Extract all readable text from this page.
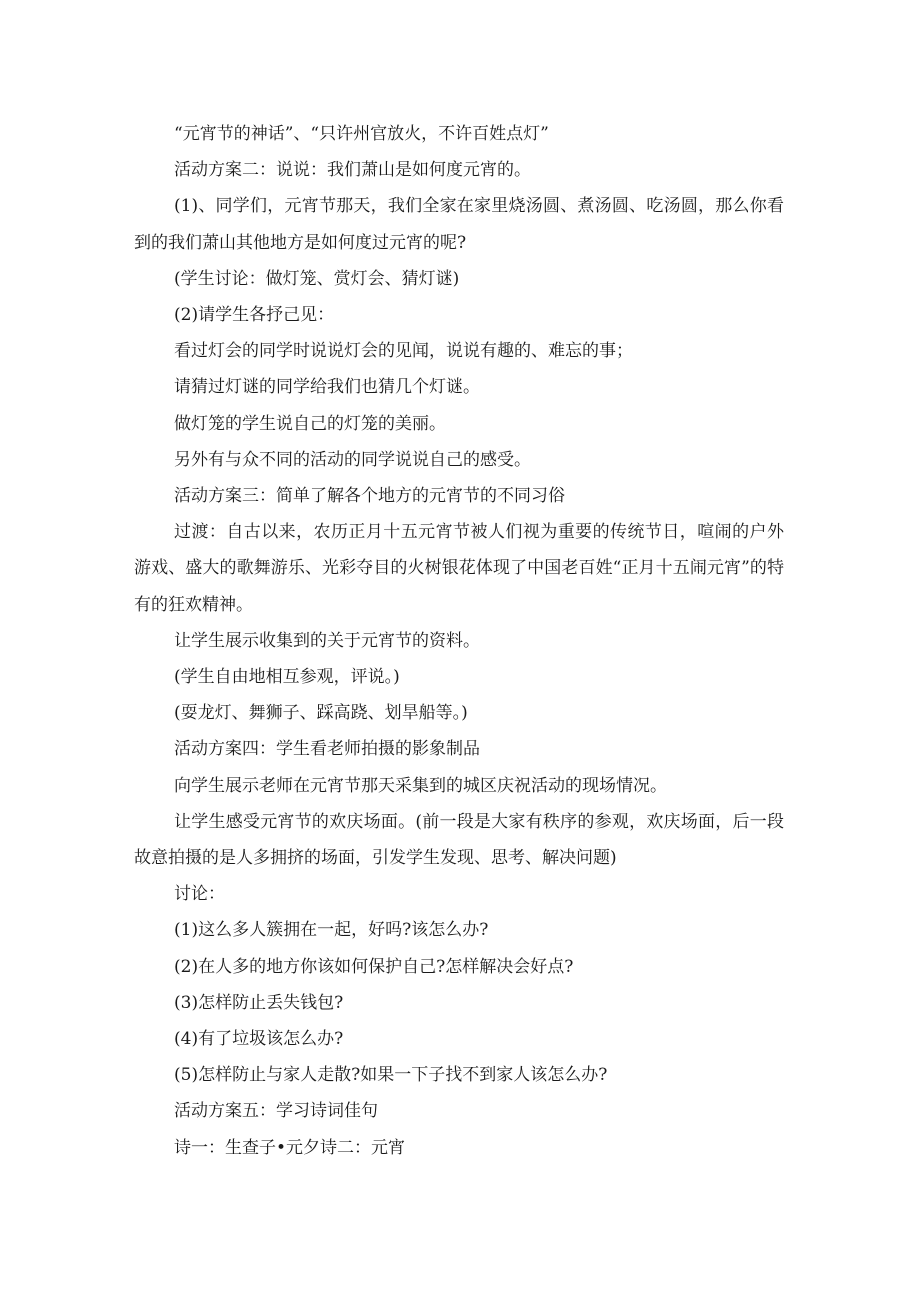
“元宵节的神话”、“只许州官放火，不许百姓点灯”

活动方案二：说说：我们萧山是如何度元宵的。

(1)、同学们，元宵节那天，我们全家在家里烧汤圆、煮汤圆、吃汤圆，那么你看到的我们萧山其他地方是如何度过元宵的呢?

(学生讨论：做灯笼、赏灯会、猜灯谜)

(2)请学生各抒己见：

看过灯会的同学时说说灯会的见闻，说说有趣的、难忘的事；

请猜过灯谜的同学给我们也猜几个灯谜。

做灯笼的学生说自己的灯笼的美丽。

另外有与众不同的活动的同学说说自己的感受。

活动方案三：简单了解各个地方的元宵节的不同习俗

过渡：自古以来，农历正月十五元宵节被人们视为重要的传统节日，喧闹的户外游戏、盛大的歌舞游乐、光彩夺目的火树银花体现了中国老百姓“正月十五闹元宵”的特有的狂欢精神。

让学生展示收集到的关于元宵节的资料。

(学生自由地相互参观，评说。)

(耍龙灯、舞狮子、踩高跷、划旱船等。)

活动方案四：学生看老师拍摄的影象制品

向学生展示老师在元宵节那天采集到的城区庆祝活动的现场情况。

让学生感受元宵节的欢庆场面。(前一段是大家有秩序的参观，欢庆场面，后一段故意拍摄的是人多拥挤的场面，引发学生发现、思考、解决问题)

讨论：

(1)这么多人簇拥在一起，好吗?该怎么办?

(2)在人多的地方你该如何保护自己?怎样解决会好点?

(3)怎样防止丢失钱包?

(4)有了垃圾该怎么办?

(5)怎样防止与家人走散?如果一下子找不到家人该怎么办?

活动方案五：学习诗词佳句

诗一：生查子•元夕诗二：元宵
